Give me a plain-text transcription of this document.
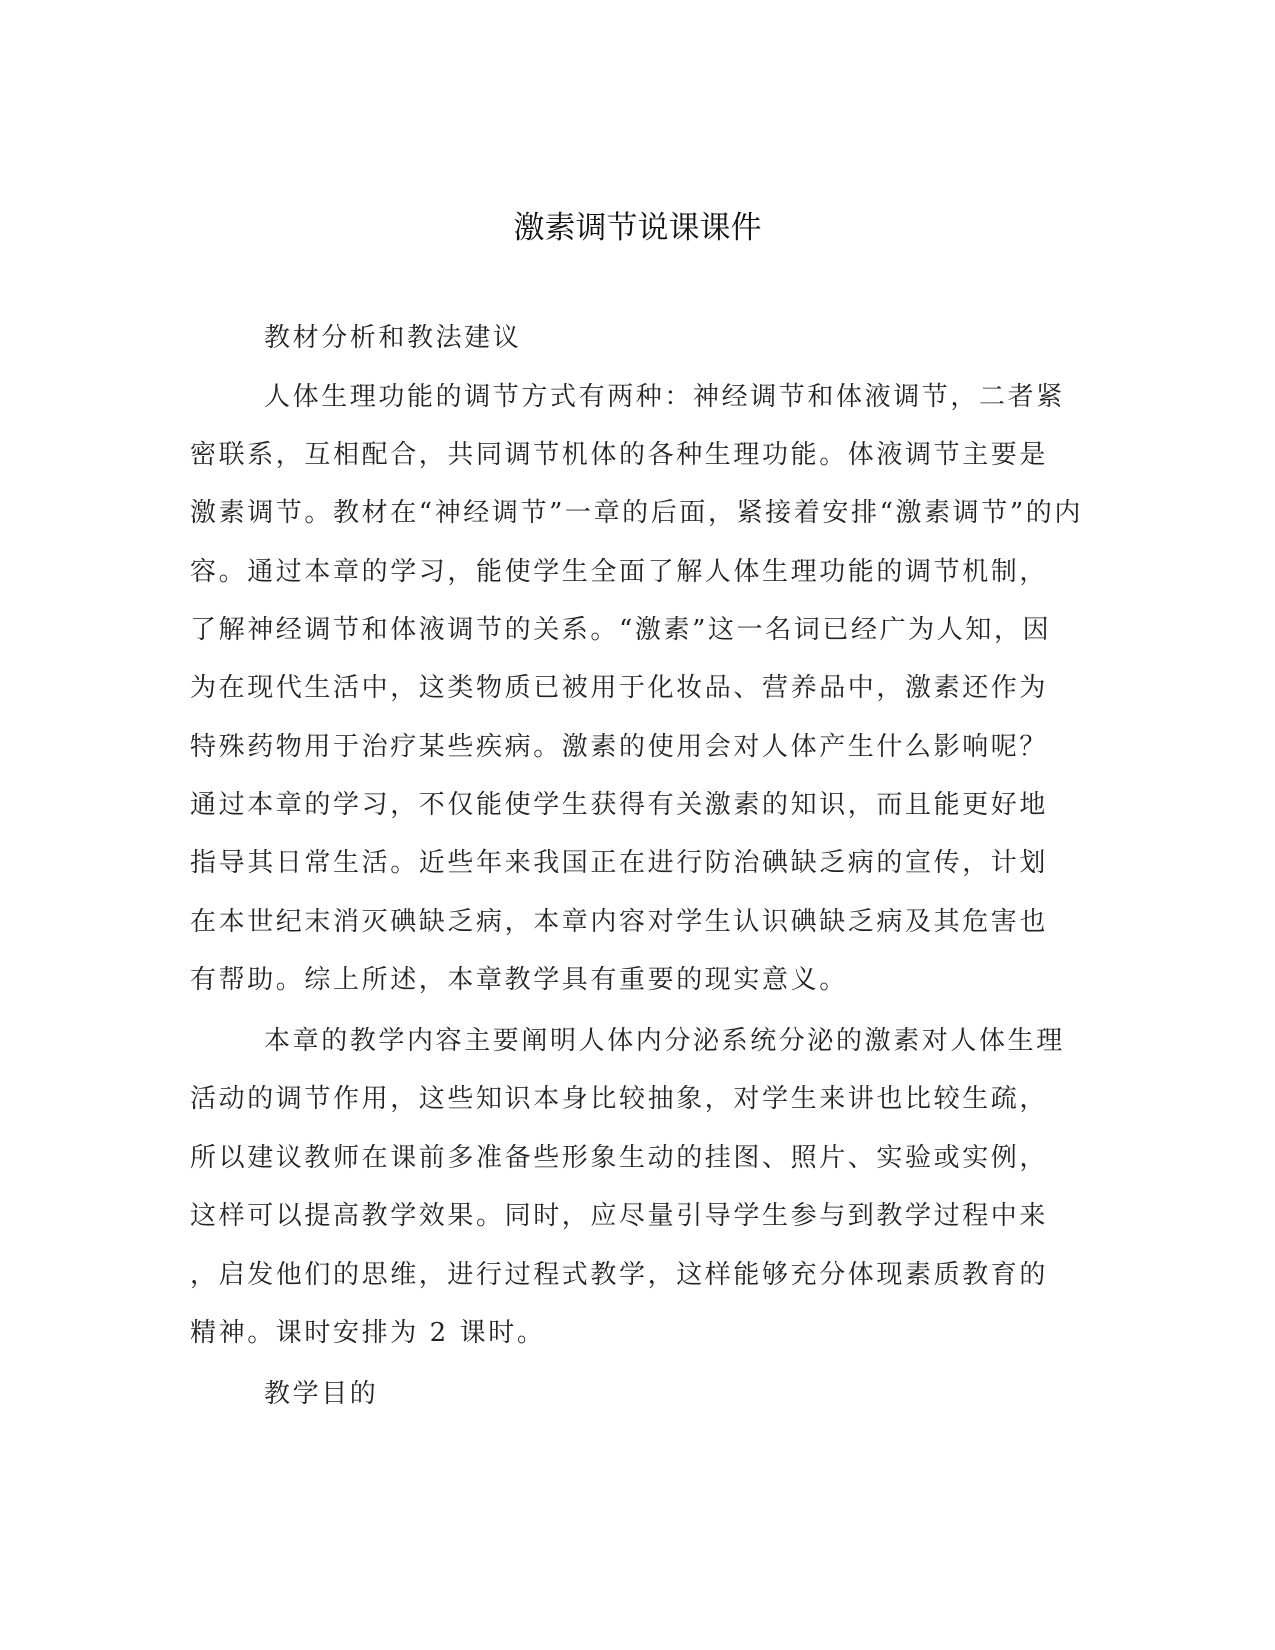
激素调节说课课件
教材分析和教法建议
人体生理功能的调节方式有两种：神经调节和体液调节，二者紧
密联系，互相配合，共同调节机体的各种生理功能。体液调节主要是
激素调节。教材在“神经调节”一章的后面，紧接着安排“激素调节”的内
容。通过本章的学习，能使学生全面了解人体生理功能的调节机制，
了解神经调节和体液调节的关系。“激素”这一名词已经广为人知，因
为在现代生活中，这类物质已被用于化妆品、营养品中，激素还作为
特殊药物用于治疗某些疾病。激素的使用会对人体产生什么影响呢？
通过本章的学习，不仅能使学生获得有关激素的知识，而且能更好地
指导其日常生活。近些年来我国正在进行防治碘缺乏病的宣传，计划
在本世纪末消灭碘缺乏病，本章内容对学生认识碘缺乏病及其危害也
有帮助。综上所述，本章教学具有重要的现实意义。
本章的教学内容主要阐明人体内分泌系统分泌的激素对人体生理
活动的调节作用，这些知识本身比较抽象，对学生来讲也比较生疏，
所以建议教师在课前多准备些形象生动的挂图、照片、实验或实例，
这样可以提高教学效果。同时，应尽量引导学生参与到教学过程中来
，启发他们的思维，进行过程式教学，这样能够充分体现素质教育的
精神。课时安排为 2 课时。
教学目的
